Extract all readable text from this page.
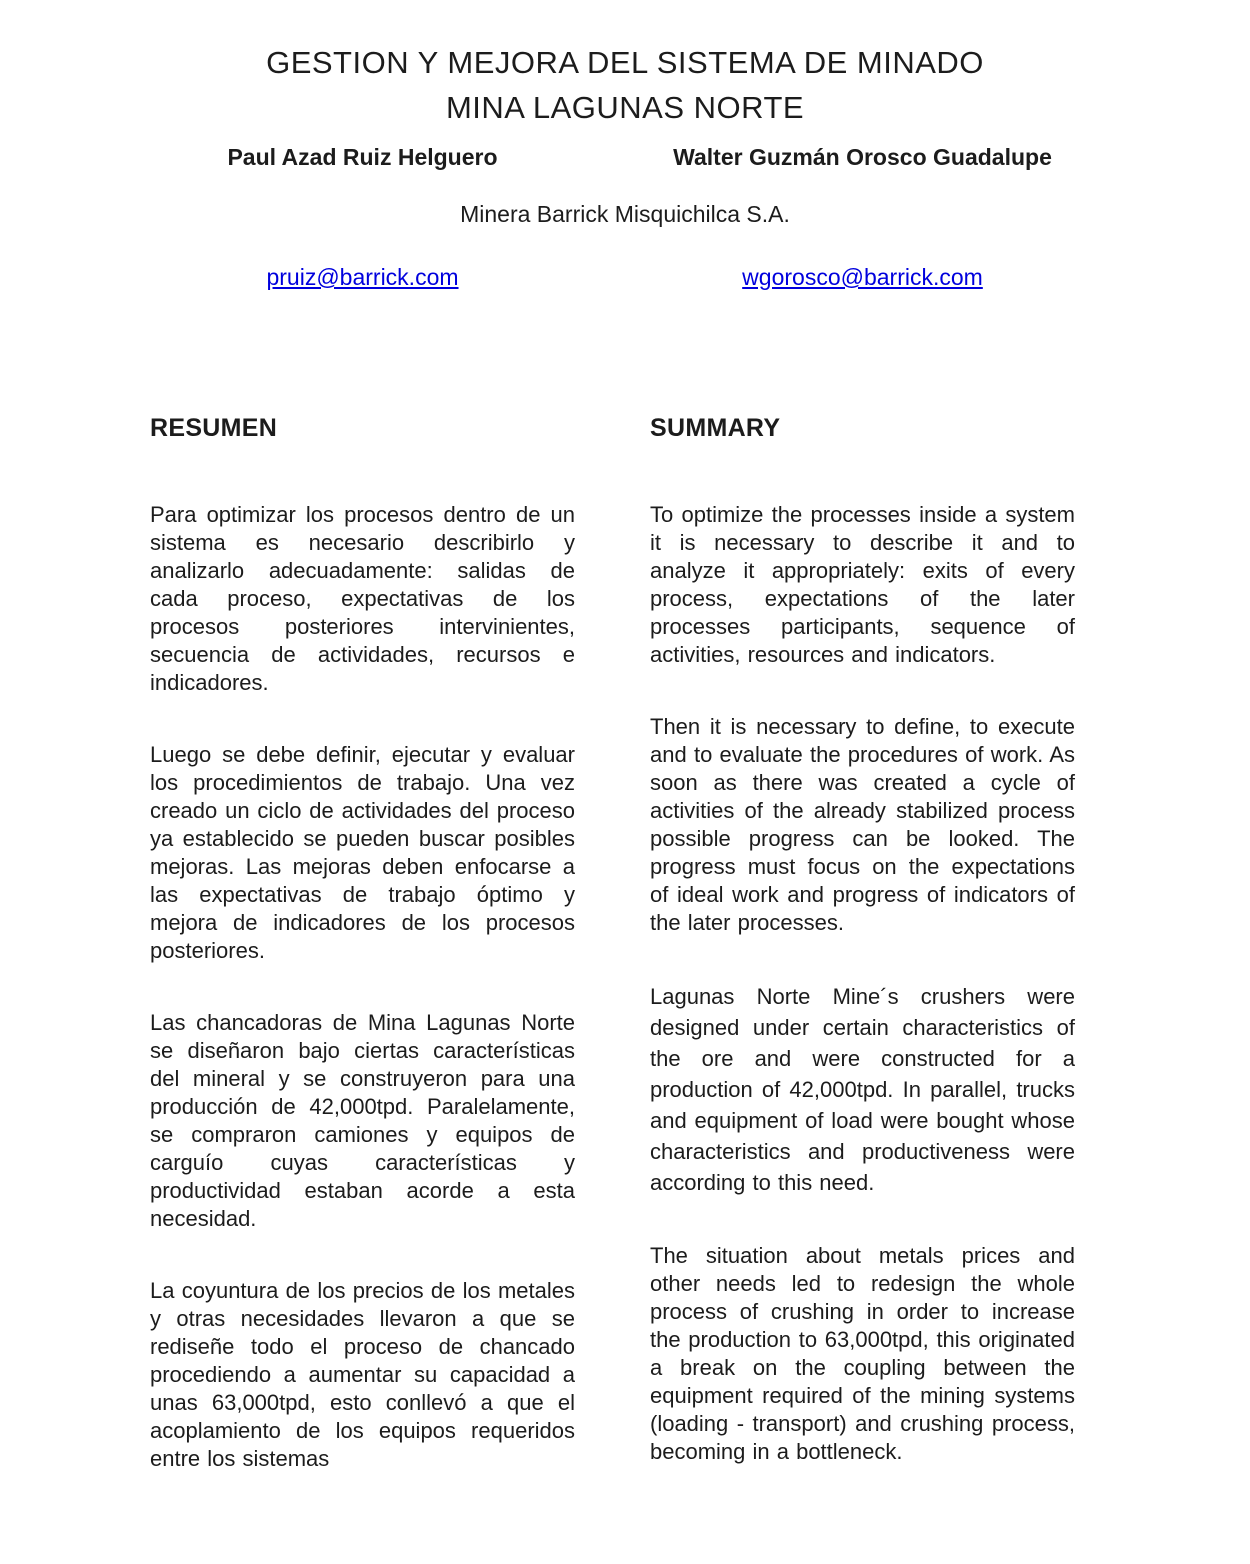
GESTION Y MEJORA DEL SISTEMA DE MINADO
MINA LAGUNAS NORTE
Paul Azad Ruiz Helguero	Walter Guzmán Orosco Guadalupe
Minera Barrick Misquichilca S.A.
pruiz@barrick.com	wgorosco@barrick.com
RESUMEN

Para optimizar los procesos dentro de un sistema es necesario describirlo y analizarlo adecuadamente: salidas de cada proceso, expectativas de los procesos posteriores intervinientes, secuencia de actividades, recursos e indicadores.

Luego se debe definir, ejecutar y evaluar los procedimientos de trabajo. Una vez creado un ciclo de actividades del proceso ya establecido se pueden buscar posibles mejoras. Las mejoras deben enfocarse a las expectativas de trabajo óptimo y mejora de indicadores de los procesos posteriores.

Las chancadoras de Mina Lagunas Norte se diseñaron bajo ciertas características del mineral y se construyeron para una producción de 42,000tpd. Paralelamente, se compraron camiones y equipos de carguío cuyas características y productividad estaban acorde a esta necesidad.

La coyuntura de los precios de los metales y otras necesidades llevaron a que se rediseñe todo el proceso de chancado procediendo a aumentar su capacidad a unas 63,000tpd, esto conllevó a que el acoplamiento de los equipos requeridos entre los sistemas

SUMMARY

To optimize the processes inside a system it is necessary to describe it and to analyze it appropriately: exits of every process, expectations of the later processes participants, sequence of activities, resources and indicators.

Then it is necessary to define, to execute and to evaluate the procedures of work. As soon as there was created a cycle of activities of the already stabilized process possible progress can be looked. The progress must focus on the expectations of ideal work and progress of indicators of the later processes.

Lagunas Norte Mine´s crushers were designed under certain characteristics of the ore and were constructed for a production of 42,000tpd. In parallel, trucks and equipment of load were bought whose characteristics and productiveness were according to this need.

The situation about metals prices and other needs led to redesign the whole process of crushing in order to increase the production to 63,000tpd, this originated a break on the coupling between the equipment required of the mining systems (loading - transport) and crushing process, becoming in a bottleneck.
